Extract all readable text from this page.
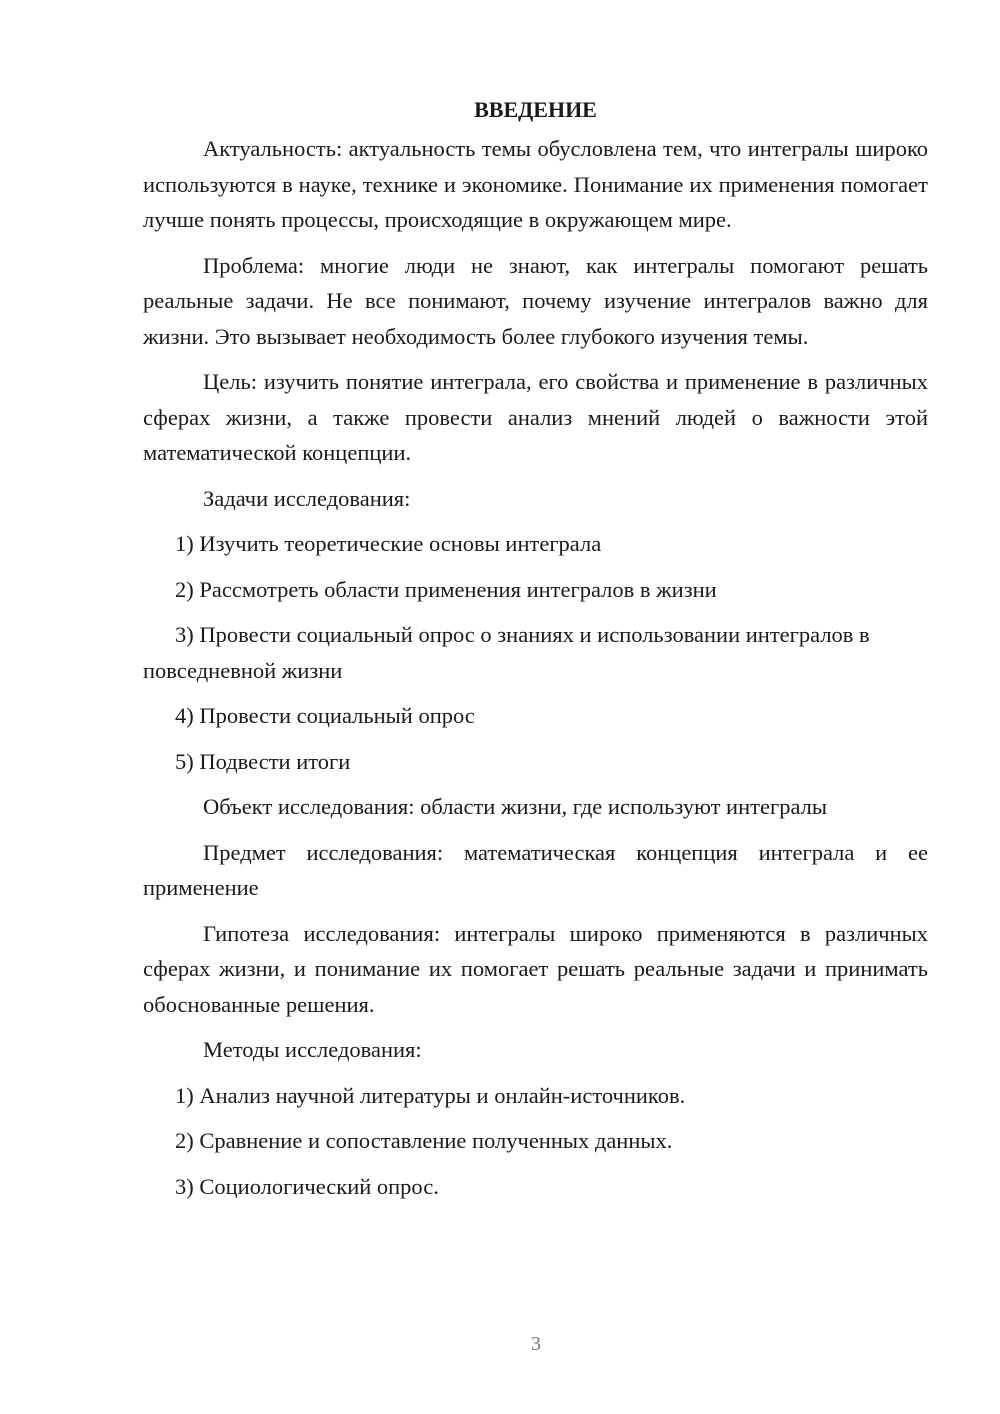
ВВЕДЕНИЕ

Актуальность: актуальность темы обусловлена тем, что интегралы широко используются в науке, технике и экономике. Понимание их применения помогает лучше понять процессы, происходящие в окружающем мире.

Проблема: многие люди не знают, как интегралы помогают решать реальные задачи. Не все понимают, почему изучение интегралов важно для жизни. Это вызывает необходимость более глубокого изучения темы.

Цель: изучить понятие интеграла, его свойства и применение в различных сферах жизни, а также провести анализ мнений людей о важности этой математической концепции.

Задачи исследования:

1) Изучить теоретические основы интеграла

2) Рассмотреть области применения интегралов в жизни

3) Провести социальный опрос о знаниях и использовании интегралов в повседневной жизни

4) Провести социальный опрос

5) Подвести итоги

Объект исследования: области жизни, где используют интегралы

Предмет исследования: математическая концепция интеграла и ее применение

Гипотеза исследования: интегралы широко применяются в различных сферах жизни, и понимание их помогает решать реальные задачи и принимать обоснованные решения.

Методы исследования:

1) Анализ научной литературы и онлайн-источников.

2) Сравнение и сопоставление полученных данных.

3) Социологический опрос.

3
